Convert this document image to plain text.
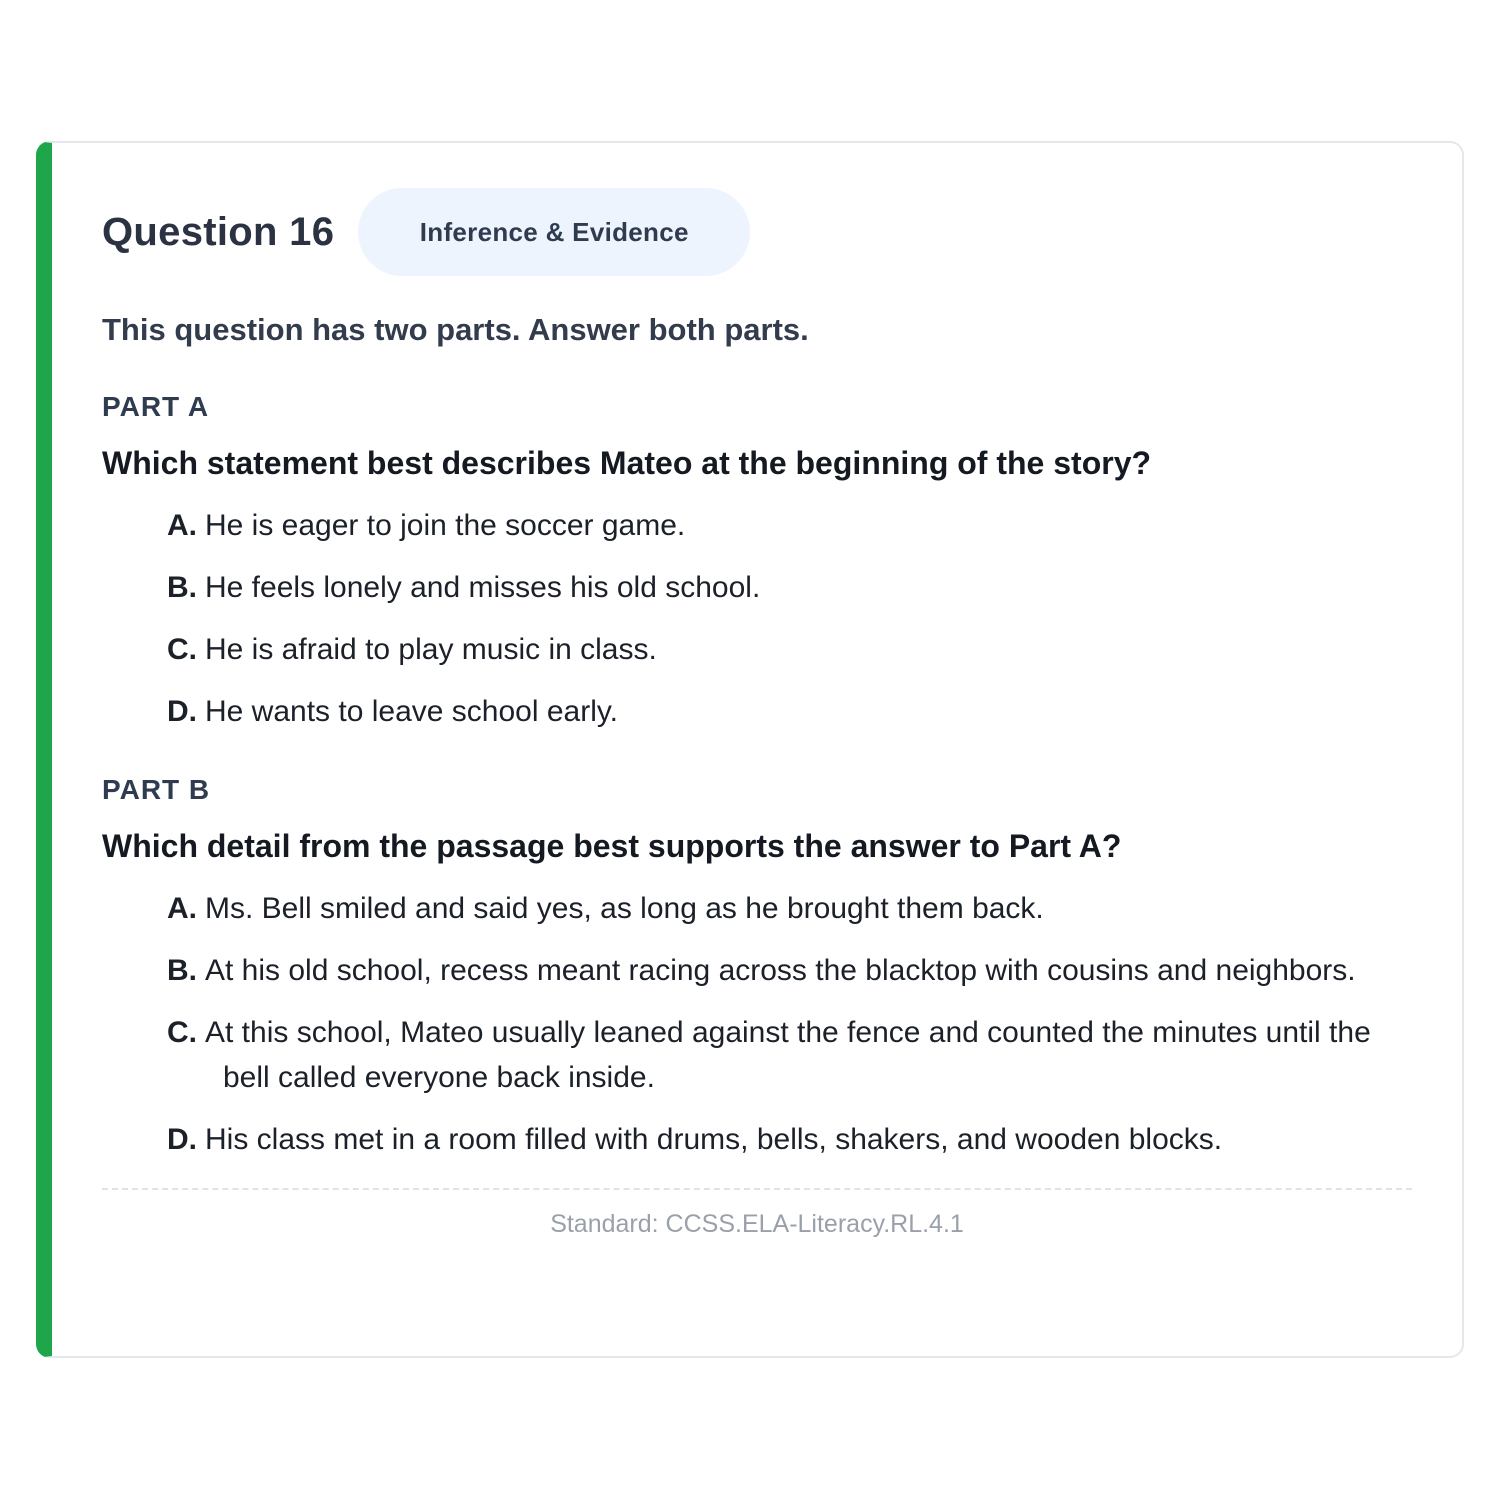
Question 16	Inference & Evidence
This question has two parts. Answer both parts.
PART A
Which statement best describes Mateo at the beginning of the story?
A. He is eager to join the soccer game.
B. He feels lonely and misses his old school.
C. He is afraid to play music in class.
D. He wants to leave school early.
PART B
Which detail from the passage best supports the answer to Part A?
A. Ms. Bell smiled and said yes, as long as he brought them back.
B. At his old school, recess meant racing across the blacktop with cousins and neighbors.
C. At this school, Mateo usually leaned against the fence and counted the minutes until the bell called everyone back inside.
D. His class met in a room filled with drums, bells, shakers, and wooden blocks.
Standard: CCSS.ELA-Literacy.RL.4.1
